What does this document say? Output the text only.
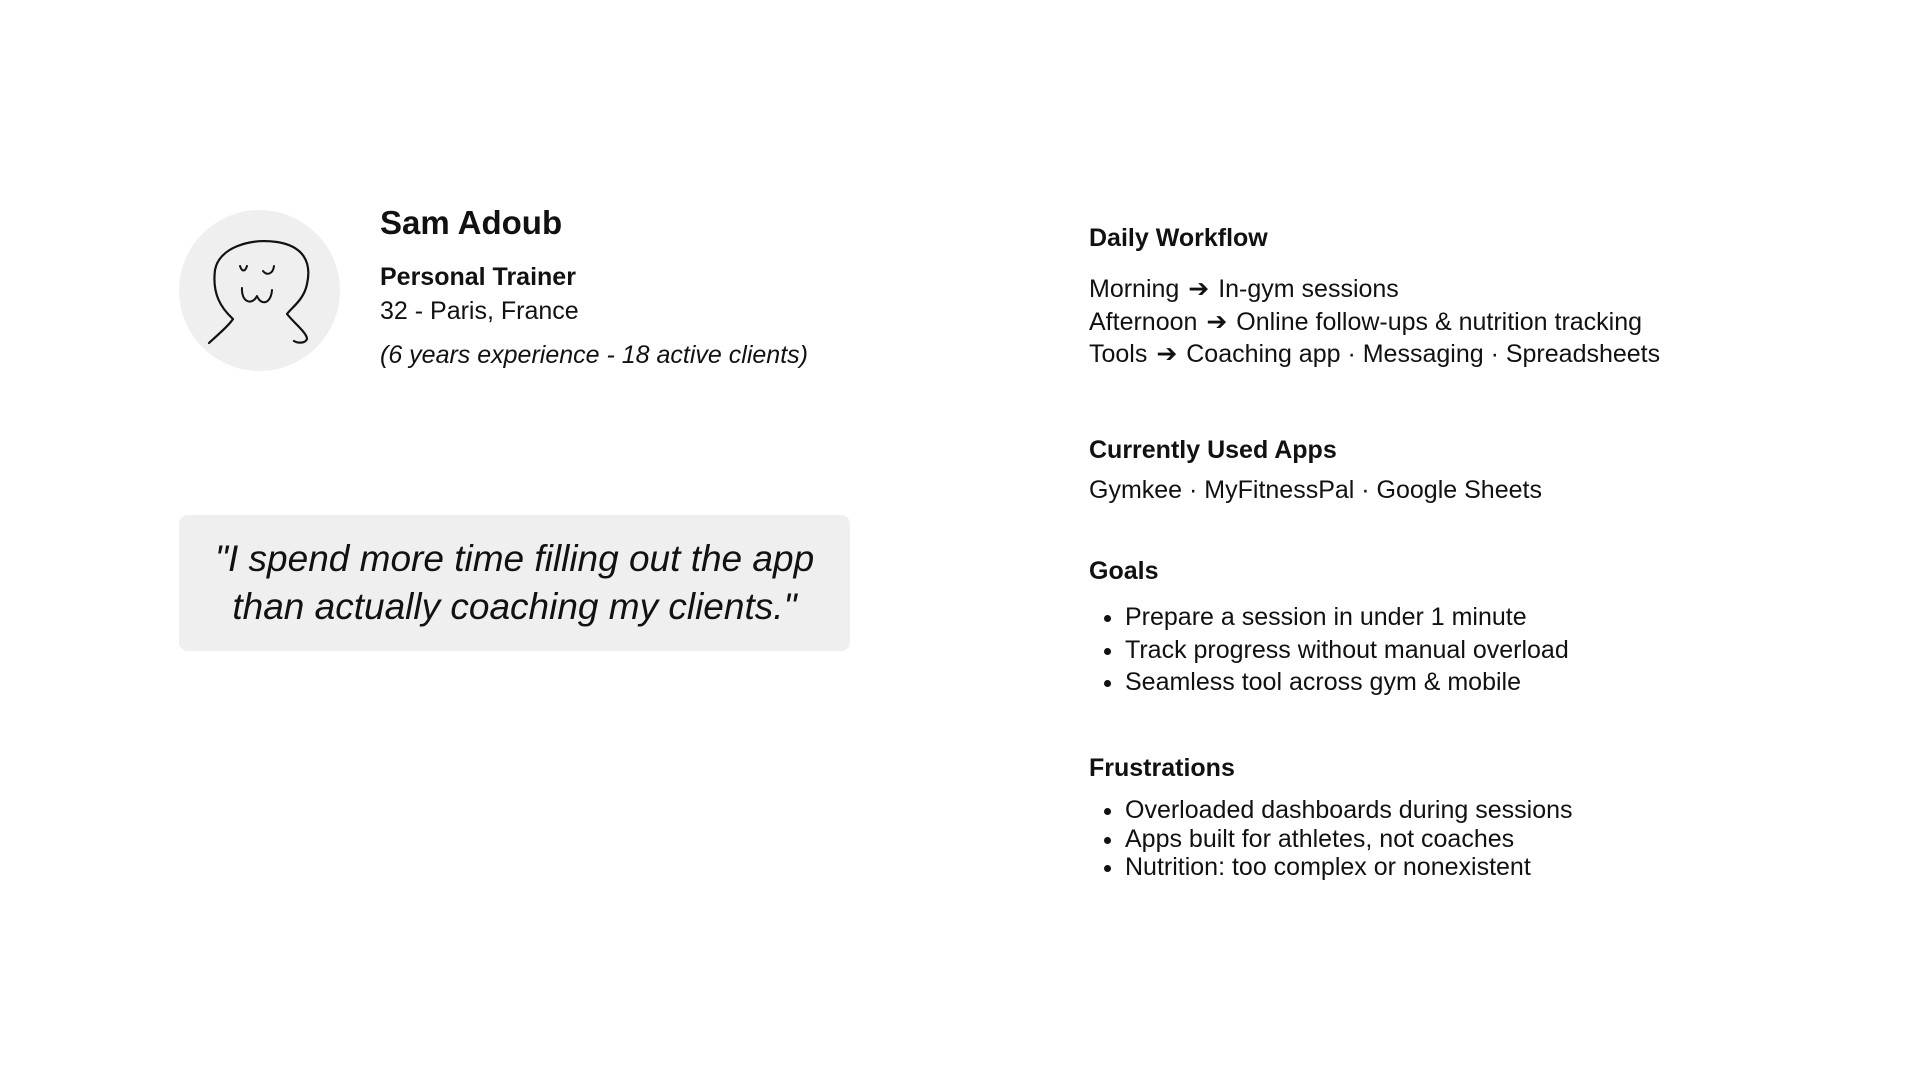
Sam Adoub
Personal Trainer
32 - Paris, France
(6 years experience - 18 active clients)
"I spend more time filling out the app
than actually coaching my clients."
Daily Workflow
Morning ➔ In-gym sessions
Afternoon ➔ Online follow-ups & nutrition tracking
Tools ➔ Coaching app · Messaging · Spreadsheets
Currently Used Apps
Gymkee · MyFitnessPal · Google Sheets
Goals
• Prepare a session in under 1 minute
• Track progress without manual overload
• Seamless tool across gym & mobile
Frustrations
• Overloaded dashboards during sessions
• Apps built for athletes, not coaches
• Nutrition: too complex or nonexistent
